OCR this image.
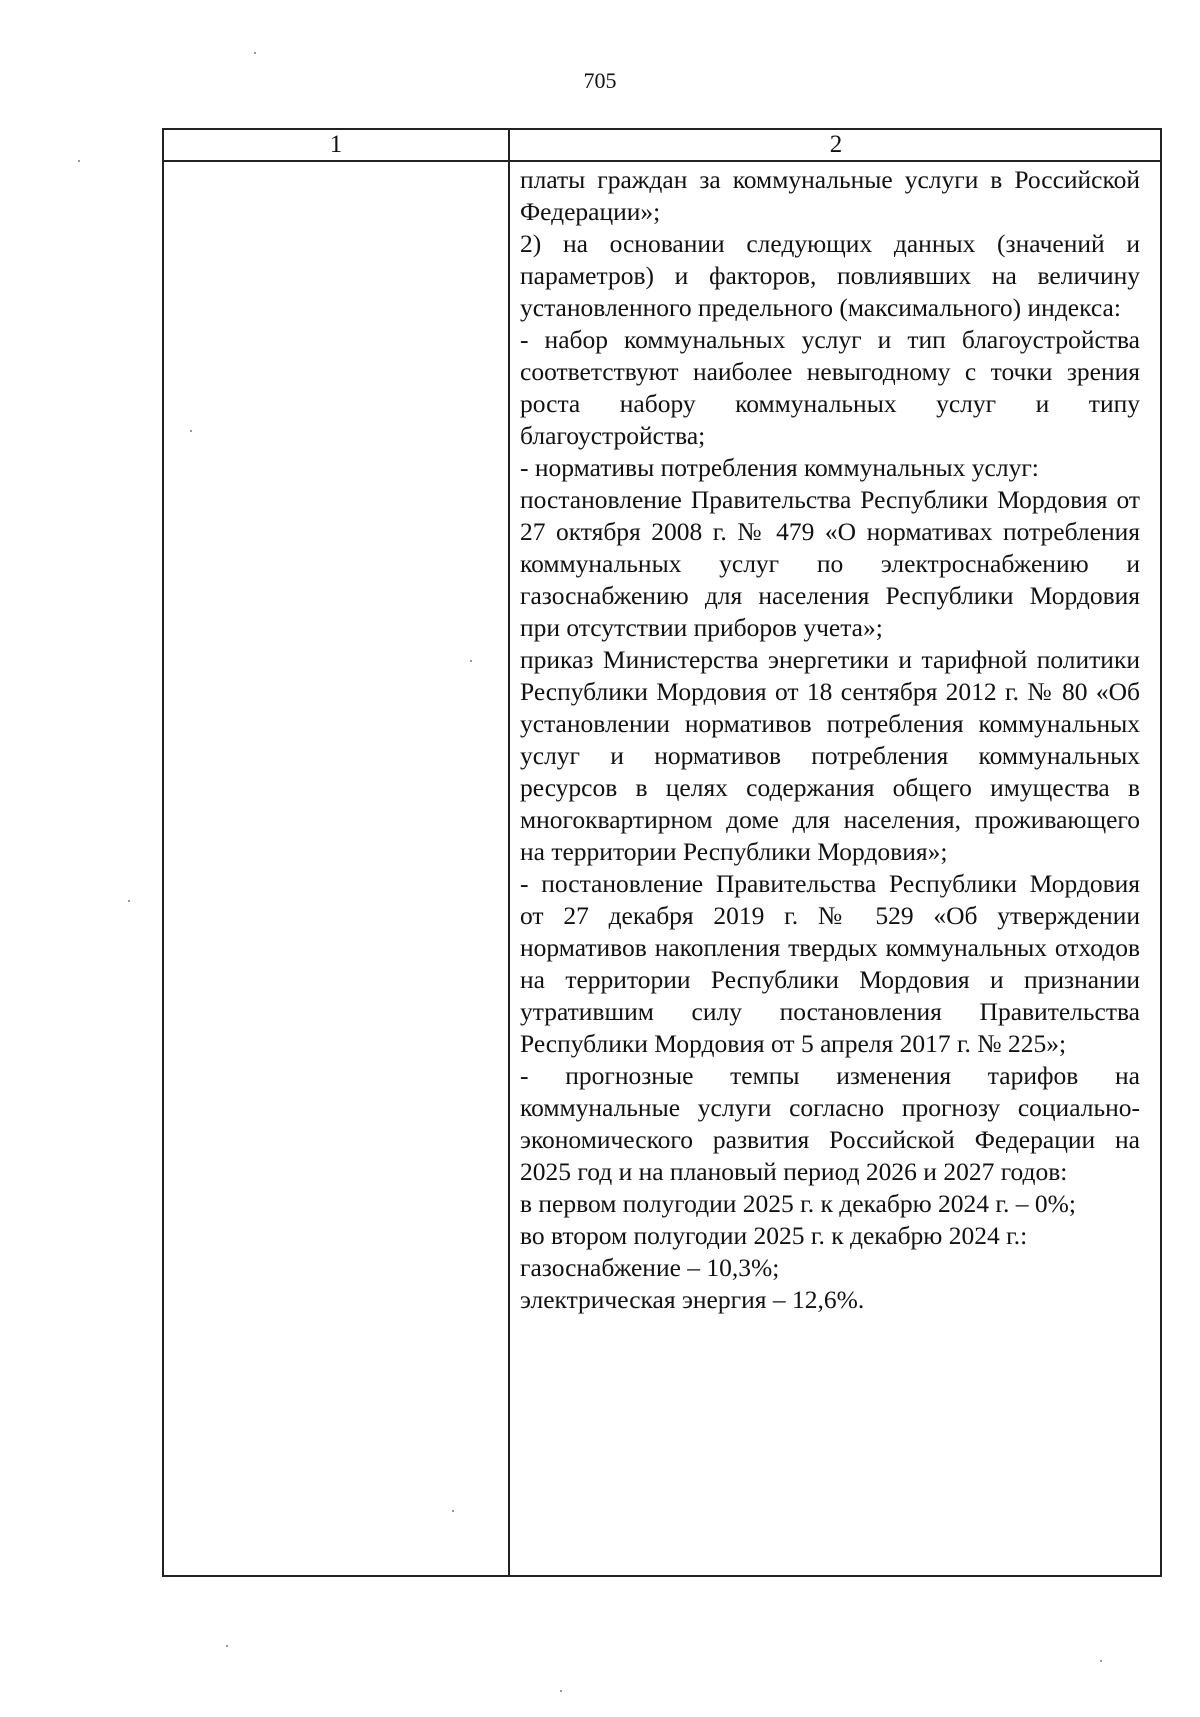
705
1	2

платы граждан за коммунальные услуги в Российской Федерации»;

2) на основании следующих данных (значений и параметров) и факторов, повлиявших на величину установленного предельного (максимального) индекса:

- набор коммунальных услуг и тип благоустройства соответствуют наиболее невыгодному с точки зрения роста набору коммунальных услуг и типу благоустройства;

- нормативы потребления коммунальных услуг:

постановление Правительства Республики Мордовия от 27 октября 2008 г. № 479 «О нормативах потребления коммунальных услуг по электроснабжению и газоснабжению для населения Республики Мордовия при отсутствии приборов учета»;

приказ Министерства энергетики и тарифной политики Республики Мордовия от 18 сентября 2012 г. № 80 «Об установлении нормативов потребления коммунальных услуг и нормативов потребления коммунальных ресурсов в целях содержания общего имущества в многоквартирном доме для населения, проживающего на территории Республики Мордовия»;

- постановление Правительства Республики Мордовия от 27 декабря 2019 г. № 529 «Об утверждении нормативов накопления твердых коммунальных отходов на территории Республики Мордовия и признании утратившим силу постановления Правительства Республики Мордовия от 5 апреля 2017 г. № 225»;

- прогнозные темпы изменения тарифов на коммунальные услуги согласно прогнозу социально-экономического развития Российской Федерации на 2025 год и на плановый период 2026 и 2027 годов:

в первом полугодии 2025 г. к декабрю 2024 г. – 0%;

во втором полугодии 2025 г. к декабрю 2024 г.:

газоснабжение – 10,3%;

электрическая энергия – 12,6%.
